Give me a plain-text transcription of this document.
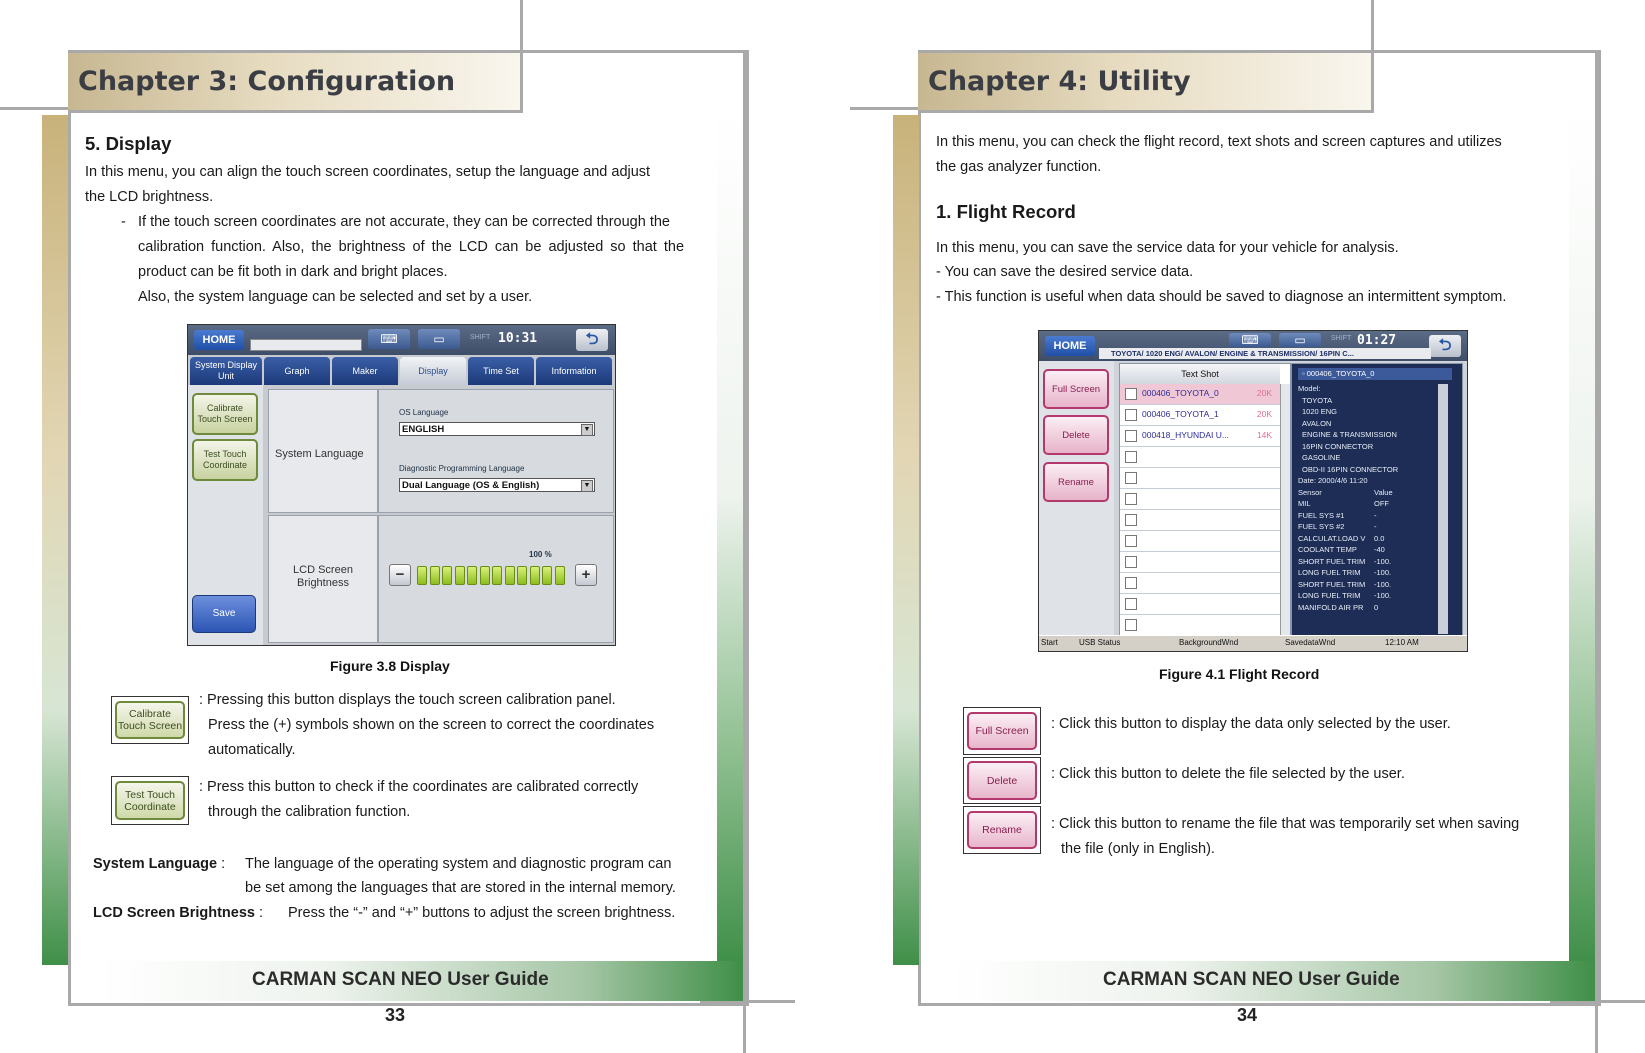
Chapter 3: Configuration
5. Display
In this menu, you can align the touch screen coordinates, setup the language and adjust
the LCD brightness.
- If the touch screen coordinates are not accurate, they can be corrected through the
calibration function. Also, the brightness of the LCD can be adjusted so that the
product can be fit both in dark and bright places.
Also, the system language can be selected and set by a user.
HOME	⌨	▭	SHIFT 10:31	⮌
System Display Unit
Graph	Maker	Display	Time Set	Information
Calibrate Touch Screen
Test Touch Coordinate
Save
System Language
OS Language
ENGLISH	▼
Diagnostic Programming Language
Dual Language (OS & English)	▼
LCD Screen Brightness
100 %
−	+
Figure 3.8 Display
Calibrate Touch Screen
: Pressing this button displays the touch screen calibration panel.
Press the (+) symbols shown on the screen to correct the coordinates
automatically.
Test Touch Coordinate
: Press this button to check if the coordinates are calibrated correctly
through the calibration function.
System Language : The language of the operating system and diagnostic program can
be set among the languages that are stored in the internal memory.
LCD Screen Brightness : Press the “-” and “+” buttons to adjust the screen brightness.
CARMAN SCAN NEO User Guide
33
Chapter 4: Utility
In this menu, you can check the flight record, text shots and screen captures and utilizes
the gas analyzer function.
1. Flight Record
In this menu, you can save the service data for your vehicle for analysis.
- You can save the desired service data.
- This function is useful when data should be saved to diagnose an intermittent symptom.
HOME	⌨	▭	SHIFT 01:27	⮌
TOYOTA/ 1020 ENG/ AVALON/ ENGINE & TRANSMISSION/ 16PIN C...
Full Screen
Delete
Rename
Text Shot
000406_TOYOTA_0	20K
000406_TOYOTA_1	20K
000418_HYUNDAI U...	14K
▫ 000406_TOYOTA_0
Model:
TOYOTA
1020 ENG
AVALON
ENGINE & TRANSMISSION
16PIN CONNECTOR
GASOLINE
OBD-II 16PIN CONNECTOR
Date: 2000/4/6 11:20
Sensor	Value
MIL	OFF
FUEL SYS #1	-
FUEL SYS #2	-
CALCULAT.LOAD V 0.0
COOLANT TEMP -40
SHORT FUEL TRIM -100.
LONG FUEL TRIM -100.
SHORT FUEL TRIM -100.
LONG FUEL TRIM -100.
MANIFOLD AIR PR 0
Start	USB Status	BackgroundWnd	SavedataWnd	12:10 AM
Figure 4.1 Flight Record
Full Screen	: Click this button to display the data only selected by the user.
Delete	: Click this button to delete the file selected by the user.
Rename	: Click this button to rename the file that was temporarily set when saving
the file (only in English).
CARMAN SCAN NEO User Guide
34
